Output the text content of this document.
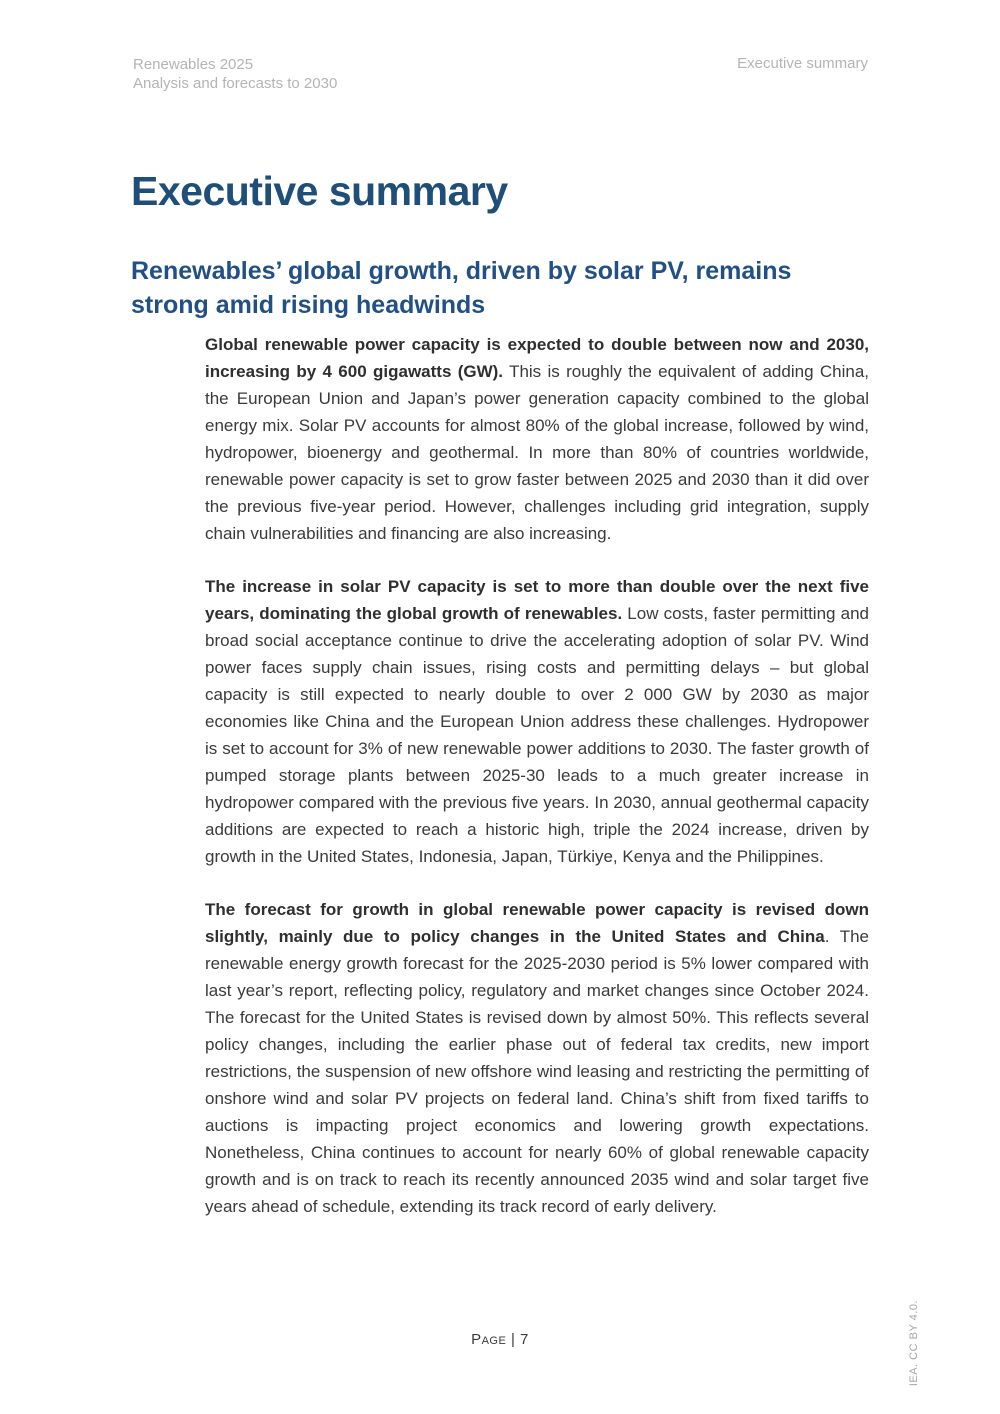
Renewables 2025
Analysis and forecasts to 2030
Executive summary
Executive summary
Renewables’ global growth, driven by solar PV, remains strong amid rising headwinds

Global renewable power capacity is expected to double between now and 2030, increasing by 4 600 gigawatts (GW). This is roughly the equivalent of adding China, the European Union and Japan’s power generation capacity combined to the global energy mix. Solar PV accounts for almost 80% of the global increase, followed by wind, hydropower, bioenergy and geothermal. In more than 80% of countries worldwide, renewable power capacity is set to grow faster between 2025 and 2030 than it did over the previous five-year period. However, challenges including grid integration, supply chain vulnerabilities and financing are also increasing.

The increase in solar PV capacity is set to more than double over the next five years, dominating the global growth of renewables. Low costs, faster permitting and broad social acceptance continue to drive the accelerating adoption of solar PV. Wind power faces supply chain issues, rising costs and permitting delays – but global capacity is still expected to nearly double to over 2 000 GW by 2030 as major economies like China and the European Union address these challenges. Hydropower is set to account for 3% of new renewable power additions to 2030. The faster growth of pumped storage plants between 2025-30 leads to a much greater increase in hydropower compared with the previous five years. In 2030, annual geothermal capacity additions are expected to reach a historic high, triple the 2024 increase, driven by growth in the United States, Indonesia, Japan, Türkiye, Kenya and the Philippines.

The forecast for growth in global renewable power capacity is revised down slightly, mainly due to policy changes in the United States and China. The renewable energy growth forecast for the 2025-2030 period is 5% lower compared with last year’s report, reflecting policy, regulatory and market changes since October 2024. The forecast for the United States is revised down by almost 50%. This reflects several policy changes, including the earlier phase out of federal tax credits, new import restrictions, the suspension of new offshore wind leasing and restricting the permitting of onshore wind and solar PV projects on federal land. China’s shift from fixed tariffs to auctions is impacting project economics and lowering growth expectations. Nonetheless, China continues to account for nearly 60% of global renewable capacity growth and is on track to reach its recently announced 2035 wind and solar target five years ahead of schedule, extending its track record of early delivery.

Page | 7	IEA. CC BY 4.0.
